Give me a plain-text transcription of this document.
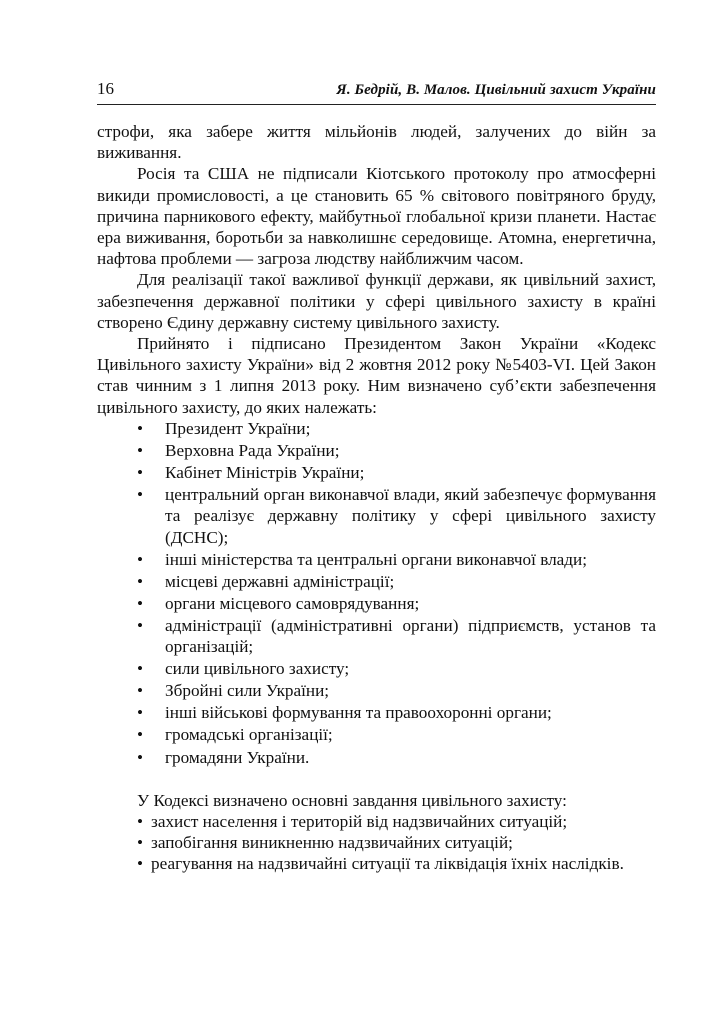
16	Я. Бедрій, В. Малов. Цивільний захист України

строфи, яка забере життя мільйонів людей, залучених до війн за виживання.

Росія та США не підписали Кіотського протоколу про атмосферні викиди промисловості, а це становить 65 % світового повітряного бруду, причина парникового ефекту, майбутньої глобальної кризи планети. Настає ера виживання, боротьби за навколишнє середовище. Атомна, енергетична, нафтова проблеми — загроза людству найближчим часом.

Для реалізації такої важливої функції держави, як цивільний захист, забезпечення державної політики у сфері цивільного захисту в країні створено Єдину державну систему цивільного захисту.

Прийнято і підписано Президентом Закон України «Кодекс Цивільного захисту України» від 2 жовтня 2012 року №5403-VI. Цей Закон став чинним з 1 липня 2013 року. Ним визначено суб’єкти забезпечення цивільного захисту, до яких належать:

• Президент України;
• Верховна Рада України;
• Кабінет Міністрів України;
• центральний орган виконавчої влади, який забезпечує формування та реалізує державну політику у сфері цивільного захисту (ДСНС);
• інші міністерства та центральні органи виконавчої влади;
• місцеві державні адміністрації;
• органи місцевого самоврядування;
• адміністрації (адміністративні органи) підприємств, установ та організацій;
• сили цивільного захисту;
• Збройні сили України;
• інші військові формування та правоохоронні органи;
• громадські організації;
• громадяни України.

У Кодексі визначено основні завдання цивільного захисту:

• захист населення і територій від надзвичайних ситуацій;
• запобігання виникненню надзвичайних ситуацій;
• реагування на надзвичайні ситуації та ліквідація їхніх наслідків.
